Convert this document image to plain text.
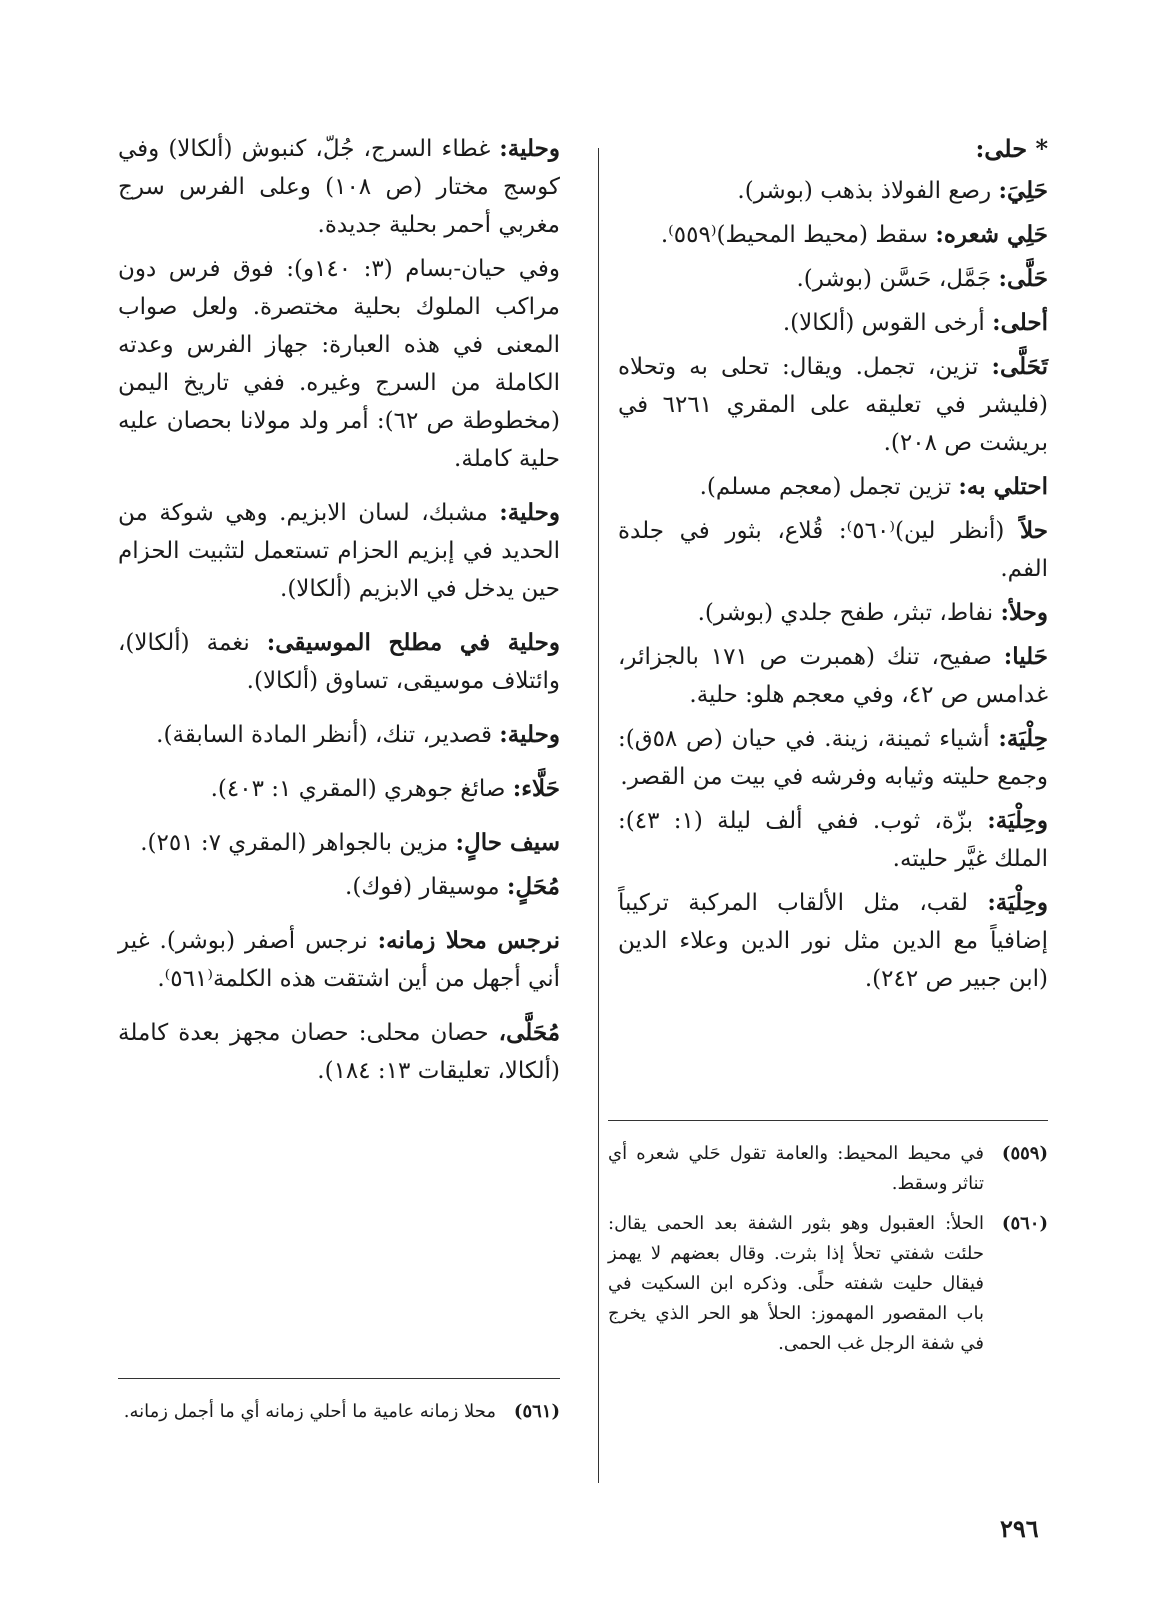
* حلى:
حَلِيَ: رصع الفولاذ بذهب (بوشر).
حَلِي شعره: سقط (محيط المحيط)⁽٥٥٩⁾.
حَلَّى: جَمَّل، حَسَّن (بوشر).
أحلى: أرخى القوس (ألكالا).
تَحَلَّى: تزين، تجمل. ويقال: تحلى به وتحلاه (فليشر في تعليقه على المقري ٦٢٦١ في بريشت ص ٢٠٨).
احتلي به: تزين تجمل (معجم مسلم).
حلاً (أنظر لين)⁽٥٦٠⁾: قُلاع، بثور في جلدة الفم.
وحلأ: نفاط، تبثر، طفح جلدي (بوشر).
حَليا: صفيح، تنك (همبرت ص ١٧١ بالجزائر، غدامس ص ٤٢، وفي معجم هلو: حلية.
حِلْيَة: أشياء ثمينة، زينة. في حيان (ص ٥٨ق): وجمع حليته وثيابه وفرشه في بيت من القصر.
وحِلْيَة: بزّة، ثوب. ففي ألف ليلة (١: ٤٣): الملك غيَّر حليته.
وحِلْيَة: لقب، مثل الألقاب المركبة تركيباً إضافياً مع الدين مثل نور الدين وعلاء الدين (ابن جبير ص ٢٤٢).
وحلية: غطاء السرج، جُلّ، كنبوش (ألكالا) وفي كوسج مختار (ص ١٠٨) وعلى الفرس سرج مغربي أحمر بحلية جديدة.
وفي حيان-بسام (٣: ١٤٠و): فوق فرس دون مراكب الملوك بحلية مختصرة. ولعل صواب المعنى في هذه العبارة: جهاز الفرس وعدته الكاملة من السرج وغيره. ففي تاريخ اليمن (مخطوطة ص ٦٢): أمر ولد مولانا بحصان عليه حلية كاملة.
وحلية: مشبك، لسان الابزيم. وهي شوكة من الحديد في إبزيم الحزام تستعمل لتثبيت الحزام حين يدخل في الابزيم (ألكالا).
وحلية في مطلح الموسيقى: نغمة (ألكالا)، وائتلاف موسيقى، تساوق (ألكالا).
وحلية: قصدير، تنك، (أنظر المادة السابقة).
حَلَّاء: صائغ جوهري (المقري ١: ٤٠٣).
سيف حالٍ: مزين بالجواهر (المقري ٧: ٢٥١).
مُحَلٍ: موسيقار (فوك).
نرجس محلا زمانه: نرجس أصفر (بوشر). غير أني أجهل من أين اشتقت هذه الكلمة⁽٥٦١⁾.
مُحَلَّى، حصان محلى: حصان مجهز بعدة كاملة (ألكالا، تعليقات ١٣: ١٨٤).
(٥٥٩)
في محيط المحيط: والعامة تقول حَلي شعره أي تناثر وسقط.
(٥٦٠)
الحلأ: العقبول وهو بثور الشفة بعد الحمى يقال: حلئت شفتي تحلأ إذا بثرت. وقال بعضهم لا يهمز فيقال حليت شفته حلًى. وذكره ابن السكيت في باب المقصور المهموز: الحلأ هو الحر الذي يخرج في شفة الرجل غب الحمى.
(٥٦١)
محلا زمانه عامية ما أحلي زمانه أي ما أجمل زمانه.
٢٩٦
